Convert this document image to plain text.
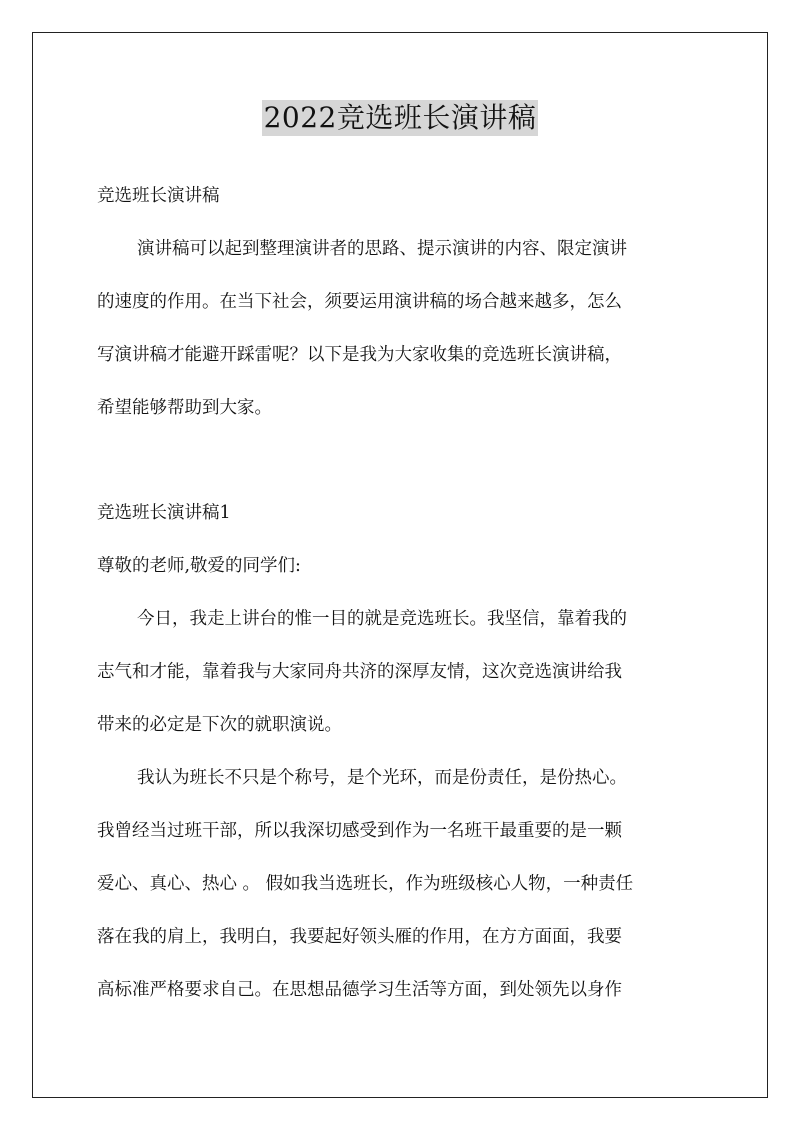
2022竞选班长演讲稿
竞选班长演讲稿
演讲稿可以起到整理演讲者的思路、提示演讲的内容、限定演讲
的速度的作用。在当下社会，须要运用演讲稿的场合越来越多，怎么
写演讲稿才能避开踩雷呢？以下是我为大家收集的竞选班长演讲稿，
希望能够帮助到大家。
竞选班长演讲稿1
尊敬的老师,敬爱的同学们:
今日，我走上讲台的惟一目的就是竞选班长。我坚信，靠着我的
志气和才能，靠着我与大家同舟共济的深厚友情，这次竞选演讲给我
带来的必定是下次的就职演说。
我认为班长不只是个称号，是个光环，而是份责任，是份热心。
我曾经当过班干部，所以我深切感受到作为一名班干最重要的是一颗
爱心、真心、热心 。 假如我当选班长，作为班级核心人物，一种责任
落在我的肩上，我明白，我要起好领头雁的作用，在方方面面，我要
高标准严格要求自己。在思想品德学习生活等方面，到处领先以身作
